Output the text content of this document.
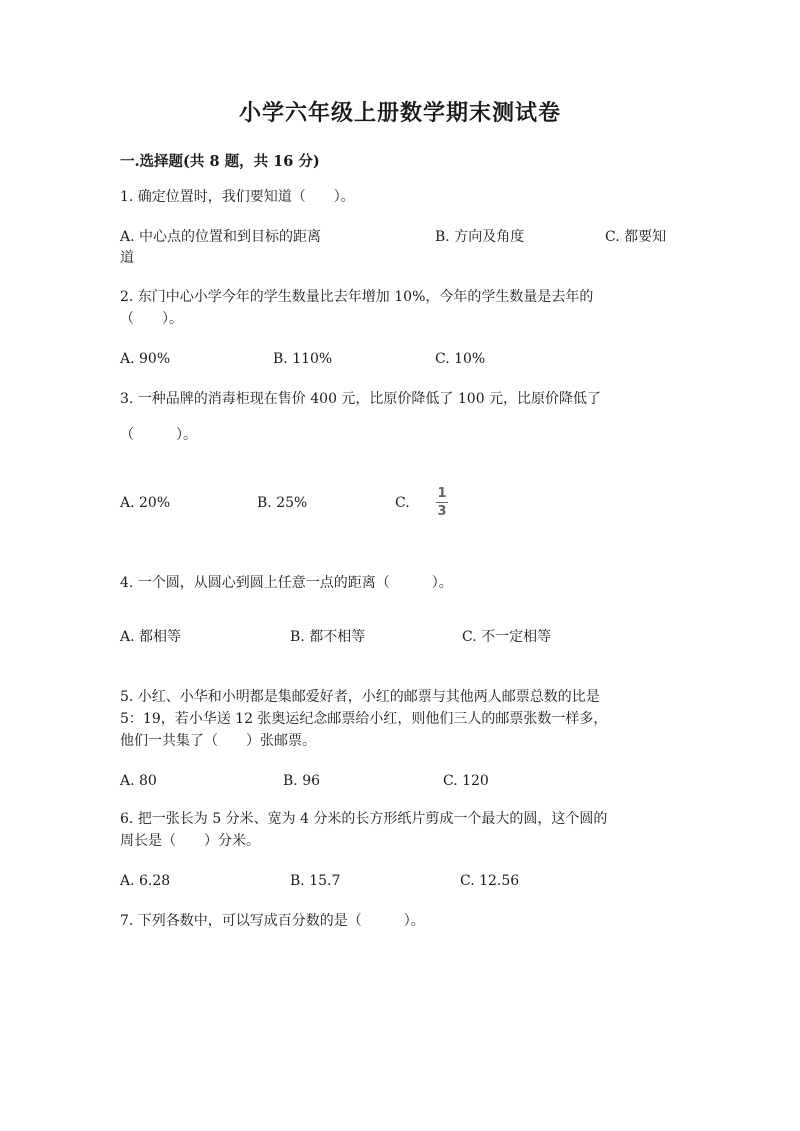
小学六年级上册数学期末测试卷
一.选择题(共 8 题，共 16 分)
1. 确定位置时，我们要知道（　　）。
A. 中心点的位置和到目标的距离	B. 方向及角度	C. 都要知
道
2. 东门中心小学今年的学生数量比去年增加 10%，今年的学生数量是去年的
（　　）。
A. 90%	B. 110%	C. 10%
3. 一种品牌的消毒柜现在售价 400 元，比原价降低了 100 元，比原价降低了
（　　　）。
A. 20%	B. 25%	C.
1
3
4. 一个圆，从圆心到圆上任意一点的距离（　　　）。
A. 都相等	B. 都不相等	C. 不一定相等
5. 小红、小华和小明都是集邮爱好者，小红的邮票与其他两人邮票总数的比是
5：19，若小华送 12 张奥运纪念邮票给小红，则他们三人的邮票张数一样多，
他们一共集了（　　）张邮票。
A. 80	B. 96	C. 120
6. 把一张长为 5 分米、宽为 4 分米的长方形纸片剪成一个最大的圆，这个圆的
周长是（　　）分米。
A. 6.28	B. 15.7	C. 12.56
7. 下列各数中，可以写成百分数的是（　　　）。
